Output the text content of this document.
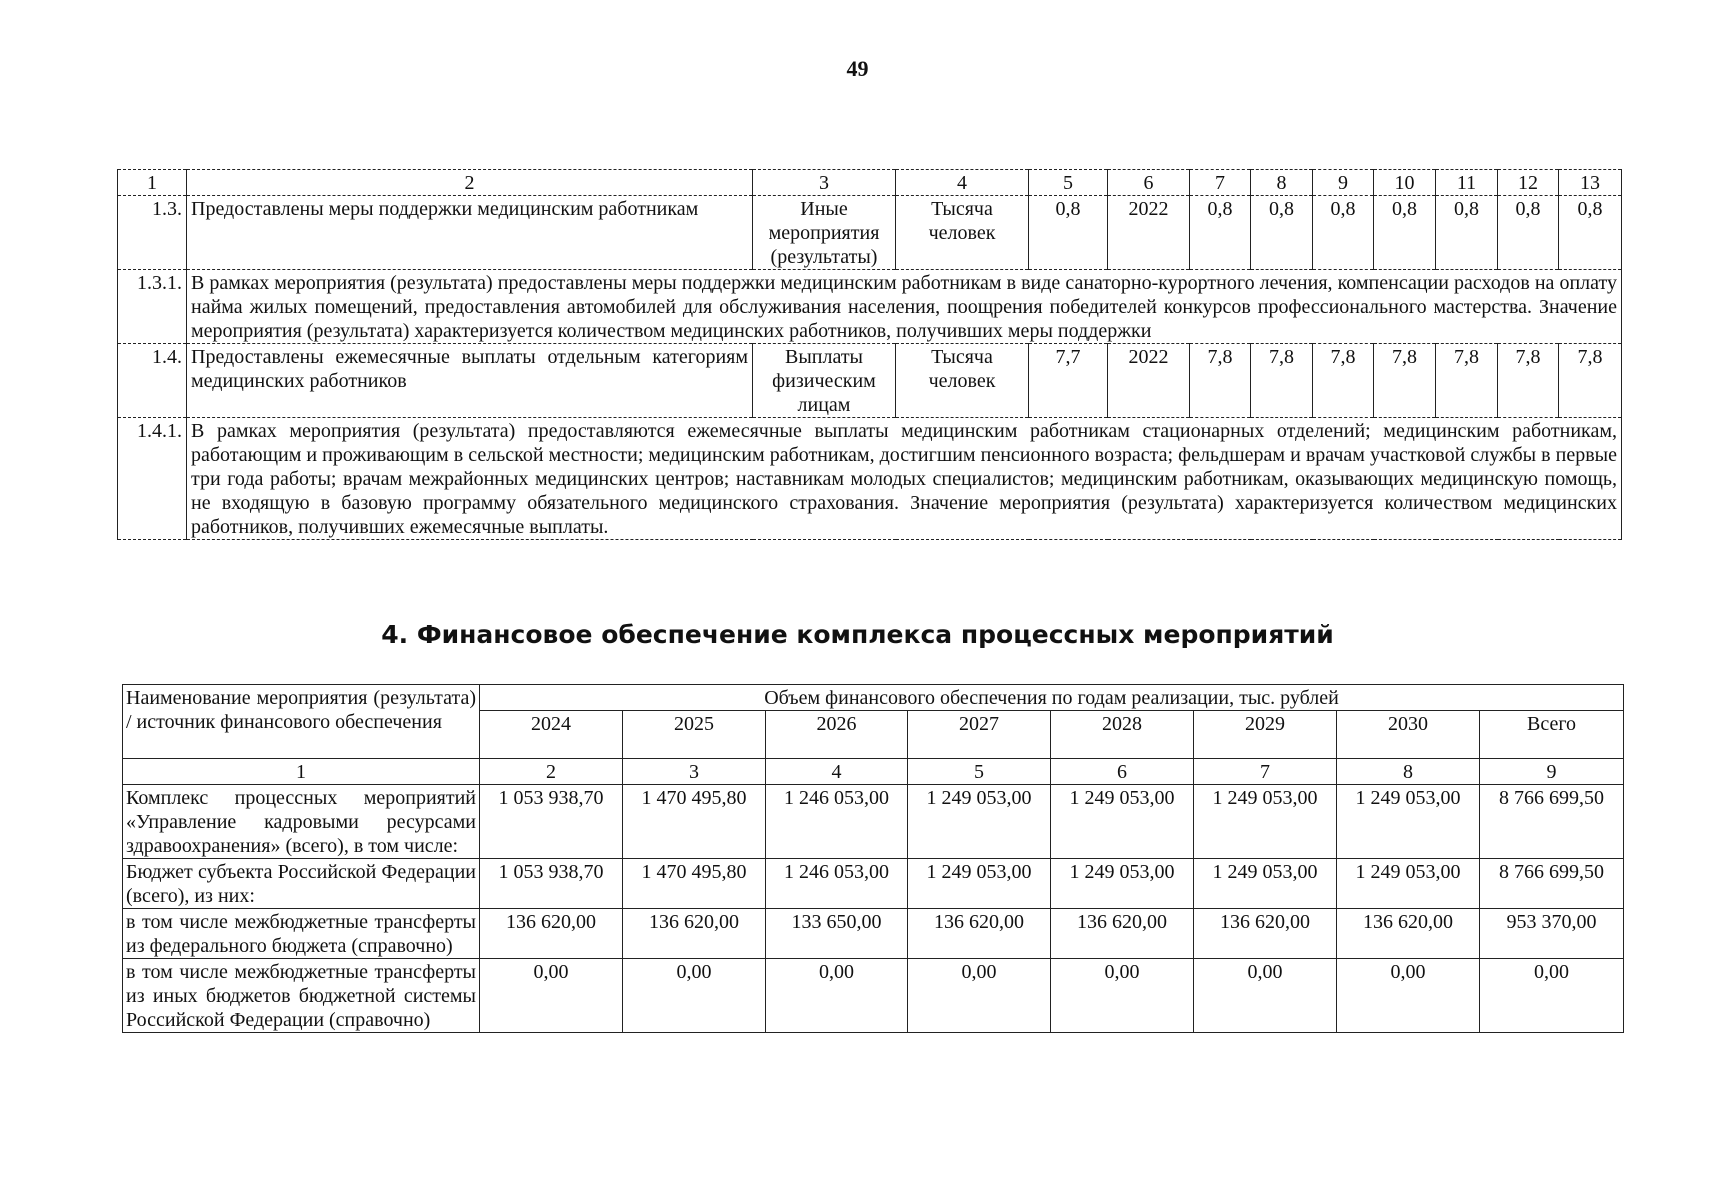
49
1	2	3	4	5	6	7	8	9	10	11	12	13
1.3.	Предоставлены меры поддержки медицинским работникам	Иные мероприятия (результаты)	Тысяча человек	0,8	2022	0,8	0,8	0,8	0,8	0,8	0,8	0,8
1.3.1.	В рамках мероприятия (результата) предоставлены меры поддержки медицинским работникам в виде санаторно-курортного лечения, компенсации расходов на оплату найма жилых помещений, предоставления автомобилей для обслуживания населения, поощрения победителей конкурсов профессионального мастерства. Значение мероприятия (результата) характеризуется количеством медицинских работников, получивших меры поддержки											
1.4.	Предоставлены ежемесячные выплаты отдельным категориям медицинских работников	Выплаты физическим лицам	Тысяча человек	7,7	2022	7,8	7,8	7,8	7,8	7,8	7,8	7,8
1.4.1.	В рамках мероприятия (результата) предоставляются ежемесячные выплаты медицинским работникам стационарных отделений; медицинским работникам, работающим и проживающим в сельской местности; медицинским работникам, достигшим пенсионного возраста; фельдшерам и врачам участковой службы в первые три года работы; врачам межрайонных медицинских центров; наставникам молодых специалистов; медицинским работникам, оказывающих медицинскую помощь, не входящую в базовую программу обязательного медицинского страхования. Значение мероприятия (результата) характеризуется количеством медицинских работников, получивших ежемесячные выплаты.											
4. Финансовое обеспечение комплекса процессных мероприятий
Наименование мероприятия (результата) / источник финансового обеспечения	Объем финансового обеспечения по годам реализации, тыс. рублей							
	2024	2025	2026	2027	2028	2029	2030	Всего
1	2	3	4	5	6	7	8	9
Комплекс процессных мероприятий «Управление кадровыми ресурсами здравоохранения» (всего), в том числе:	1 053 938,70	1 470 495,80	1 246 053,00	1 249 053,00	1 249 053,00	1 249 053,00	1 249 053,00	8 766 699,50
Бюджет субъекта Российской Федерации (всего), из них:	1 053 938,70	1 470 495,80	1 246 053,00	1 249 053,00	1 249 053,00	1 249 053,00	1 249 053,00	8 766 699,50
в том числе межбюджетные трансферты из федерального бюджета (справочно)	136 620,00	136 620,00	133 650,00	136 620,00	136 620,00	136 620,00	136 620,00	953 370,00
в том числе межбюджетные трансферты из иных бюджетов бюджетной системы Российской Федерации (справочно)	0,00	0,00	0,00	0,00	0,00	0,00	0,00	0,00
